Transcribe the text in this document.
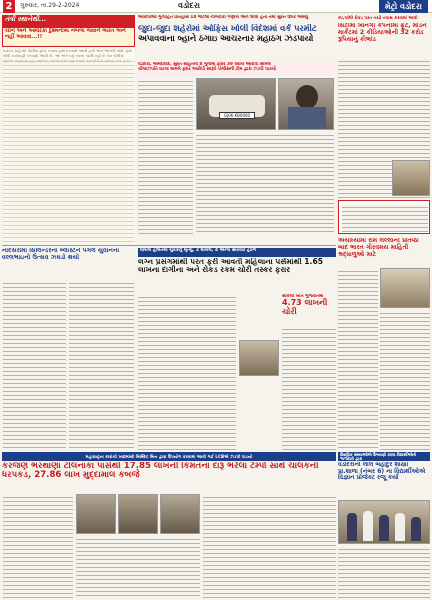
2	ગુરુવાર, તા.29-2-2024	વડોદરા	મેટ્રો વડોદરા
તંત્રી સ્થાનેથી...
ચીન અને અમેરિકા દુશ્મનીમાં નબળા જવાને ભારત અને નહીં આવવા...!!
વડોદરા શહેરમાં પોલીસ દ્વારા તપાસ હાથ ધરવામાં આવી હતી અને આરોપી સામે ગુનો નોંધી કાર્યવાહી કરવામાં આવી છે. આ અંગે વધુ તપાસ ચાલી રહી છે તેમ પોલીસ
આરોપીઓ ગુનાહિત ઇતિહાસ 18 જેટલા નાગરીકો ગણાય અને લીધા હતા તેમાં સુરત ઉપર આવ્યું
જુદા-જુદા શહેરોમાં ઓફિસ ખોલી વિદેશમાં વર્ક પરમીટ
અપાવવાના બ્હાને ઠગાઇ આચરનાર મહાઠગ ઝડપાયો
વડોદરા, અમદાવાદ, સુરત સહિતના 8 ગુનામાં ફરાર 39 વર્ષીય આરોપી સામેલ
ચીલાઝપતિ ઘટના મામલે ફરાર આરોપી સ્વરૂપે પોલીસની ટીમ દ્વારા ઝડપી પાડયો
GJ06 KB0000
રપ,પ00 રોકડ પરત તરફે તપાસ કરવામાં આવી
સિટીમાં ખાનગી કંપનીમાં ફ્રૂટ, મોડર્ન માર્કેટમાં 2 કીડિયાઓની 32 કરોડ રૂપિયાનું કૌભાંડ
નાંદેસરામાં સિલિન્ડરના બ્લાસ્ટને પગલે યુવાનના વલ્લભાઇનો ઉત્સવ ઝઘડો થયો
ઘાયલ હાલતમાં યુવકનું મૃત્યુ, 2 ઘાયલ, 4 અન્ય સારવાર હેઠળ
લગ્ન પ્રસંગમાંથી પરત ફરી આવતી મહિલાના પર્સમાંથી 1.65 લાખના દાગીના અને રોકડ રકમ ચોરી તસ્કર ફરાર
સાવલી ખાતે ગુજરાતમાં
4.73 લાખની ચોરી
અયોધ્યામાં રામ લલ્લાની પ્રતિષ્ઠા બાદ ભારત ગૌરવમય માહિતી શ્રદ્ધાળુઓ માટે
મહારાષ્ટ્રના કારાંચી ખાદ્યમાંથી બિસ્કિટ બિન દ્વારા ઉપયોગ કરવામાં આવી ગઈ LCBએ ઝડપી પાડયો
કરજણ ભરથાણા ટોલનાકા પાસેથી 17.85 લાખની કિંમતના દારૂ ભરેલા ટેમ્પો સાથે ચાલકની ધરપકડ, 27.86 લાખ મુદ્દામાલ કબજે
શૈક્ષણિક સંસ્થાઓએ ઉજવણી કરવા વિદ્યાર્થીઓની ભાગીદારી દ્વારા
વડોદરાની લાલ બહાદુર શાસ્ત્રી પ્રા.શાળા (નંબર 6) ના વિદ્યાર્થીઓએ વિજ્ઞાન પ્રોજેક્ટ રજૂ કર્યા
